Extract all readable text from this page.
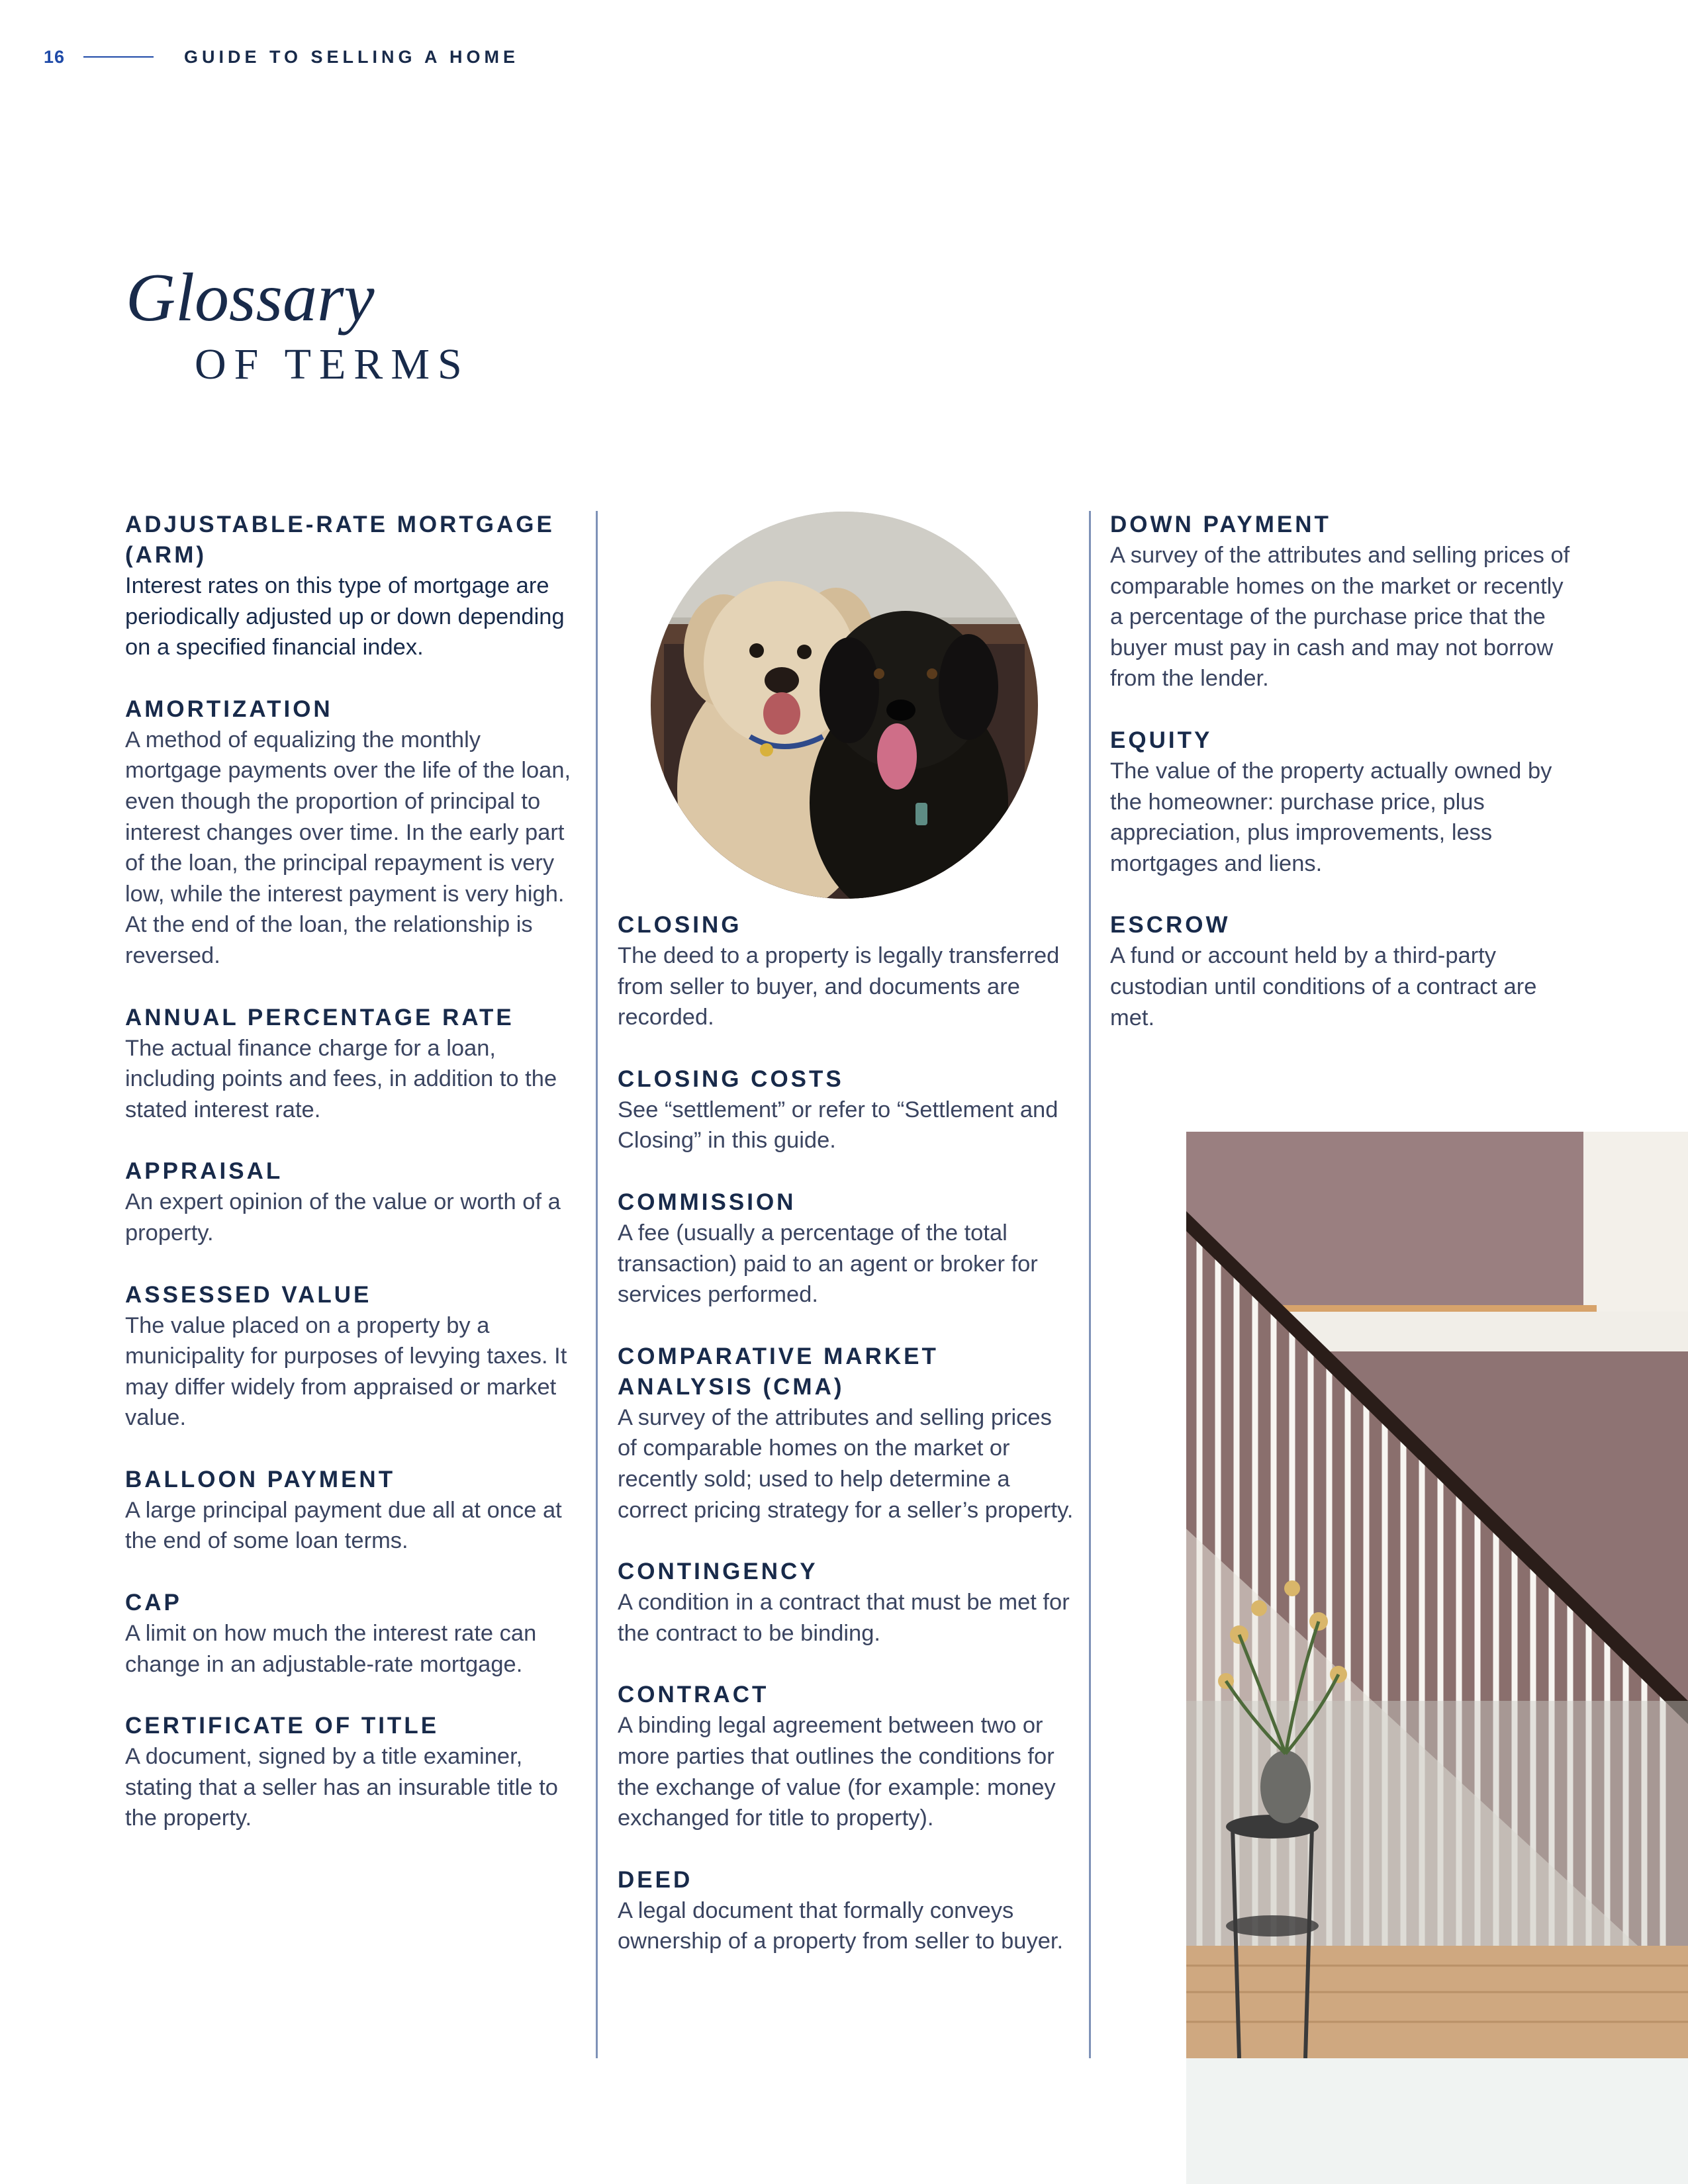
16	GUIDE TO SELLING A HOME
Glossary
OF TERMS
ADJUSTABLE-RATE MORTGAGE (ARM)
Interest rates on this type of mortgage are periodically adjusted up or down depending on a specified financial index.
AMORTIZATION
A method of equalizing the monthly mortgage payments over the life of the loan, even though the proportion of principal to interest changes over time. In the early part of the loan, the principal repayment is very low, while the interest payment is very high. At the end of the loan, the relationship is reversed.
ANNUAL PERCENTAGE RATE
The actual finance charge for a loan, including points and fees, in addition to the stated interest rate.
APPRAISAL
An expert opinion of the value or worth of a property.
ASSESSED VALUE
The value placed on a property by a municipality for purposes of levying taxes. It may differ widely from appraised or market value.
BALLOON PAYMENT
A large principal payment due all at once at the end of some loan terms.
CAP
A limit on how much the interest rate can change in an adjustable-rate mortgage.
CERTIFICATE OF TITLE
A document, signed by a title examiner, stating that a seller has an insurable title to the property.
CLOSING
The deed to a property is legally transferred from seller to buyer, and documents are recorded.
CLOSING COSTS
See “settlement” or refer to “Settlement and Closing” in this guide.
COMMISSION
A fee (usually a percentage of the total transaction) paid to an agent or broker for services performed.
COMPARATIVE MARKET ANALYSIS (CMA)
A survey of the attributes and selling prices of comparable homes on the market or recently sold; used to help determine a correct pricing strategy for a seller’s property.
CONTINGENCY
A condition in a contract that must be met for the contract to be binding.
CONTRACT
A binding legal agreement between two or more parties that outlines the conditions for the exchange of value (for example: money exchanged for title to property).
DEED
A legal document that formally conveys ownership of a property from seller to buyer.
DOWN PAYMENT
A survey of the attributes and selling prices of comparable homes on the market or recently a percentage of the purchase price that the buyer must pay in cash and may not borrow from the lender.
EQUITY
The value of the property actually owned by the homeowner: purchase price, plus appreciation, plus improvements, less mortgages and liens.
ESCROW
A fund or account held by a third-party custodian until conditions of a contract are met.
